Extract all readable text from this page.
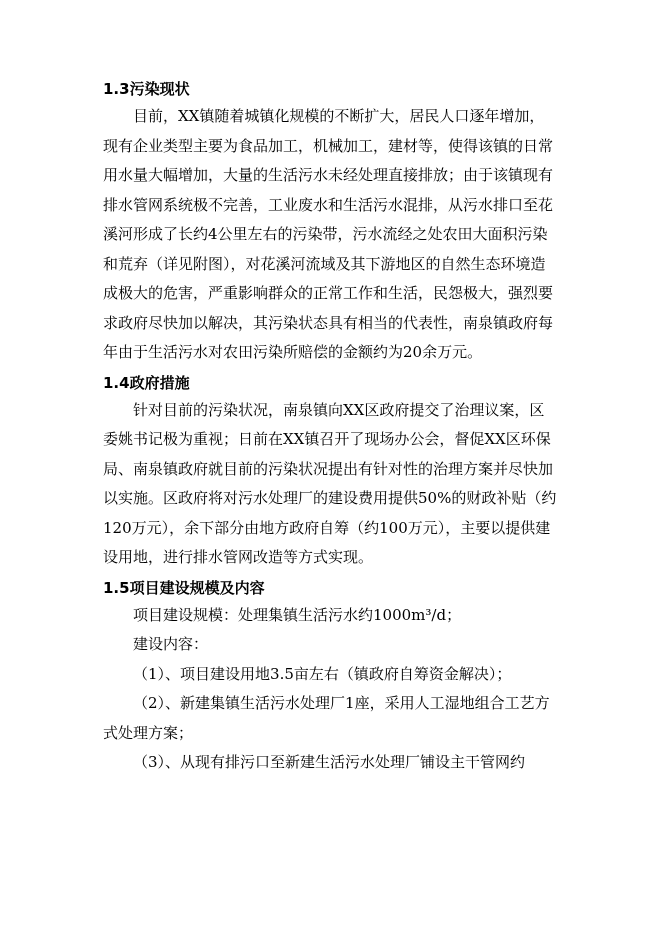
1.3污染现状

目前，XX镇随着城镇化规模的不断扩大，居民人口逐年增加，现有企业类型主要为食品加工，机械加工，建材等，使得该镇的日常用水量大幅增加，大量的生活污水未经处理直接排放；由于该镇现有排水管网系统极不完善，工业废水和生活污水混排，从污水排口至花溪河形成了长约4公里左右的污染带，污水流经之处农田大面积污染和荒弃（详见附图），对花溪河流域及其下游地区的自然生态环境造成极大的危害，严重影响群众的正常工作和生活，民怨极大，强烈要求政府尽快加以解决，其污染状态具有相当的代表性，南泉镇政府每年由于生活污水对农田污染所赔偿的金额约为20余万元。

1.4政府措施

针对目前的污染状况，南泉镇向XX区政府提交了治理议案，区委姚书记极为重视；日前在XX镇召开了现场办公会，督促XX区环保局、南泉镇政府就目前的污染状况提出有针对性的治理方案并尽快加以实施。区政府将对污水处理厂的建设费用提供50%的财政补贴（约120万元），余下部分由地方政府自筹（约100万元），主要以提供建设用地，进行排水管网改造等方式实现。

1.5项目建设规模及内容

项目建设规模：处理集镇生活污水约1000m³/d；

建设内容：

（1）、项目建设用地3.5亩左右（镇政府自筹资金解决）；

（2）、新建集镇生活污水处理厂1座，采用人工湿地组合工艺方式处理方案；

（3）、从现有排污口至新建生活污水处理厂铺设主干管网约
